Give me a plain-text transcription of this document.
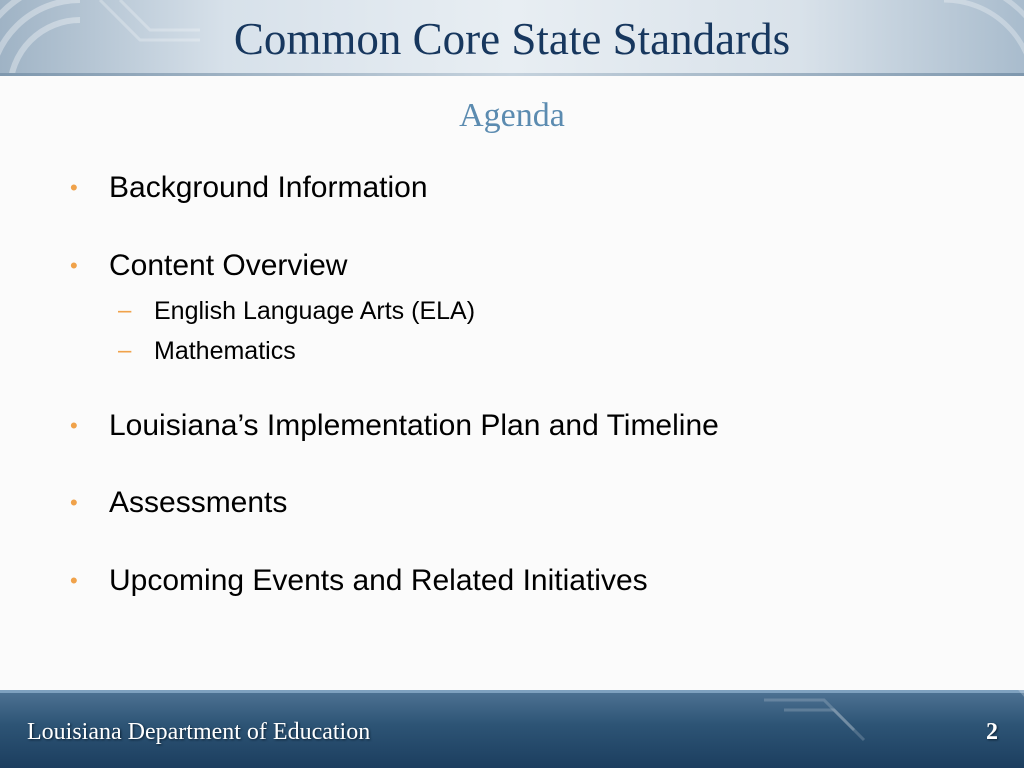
Common Core State Standards
Agenda
• Background Information
• Content Overview
– English Language Arts (ELA)
– Mathematics
• Louisiana’s Implementation Plan and Timeline
• Assessments
• Upcoming Events and Related Initiatives
Louisiana Department of Education	2
